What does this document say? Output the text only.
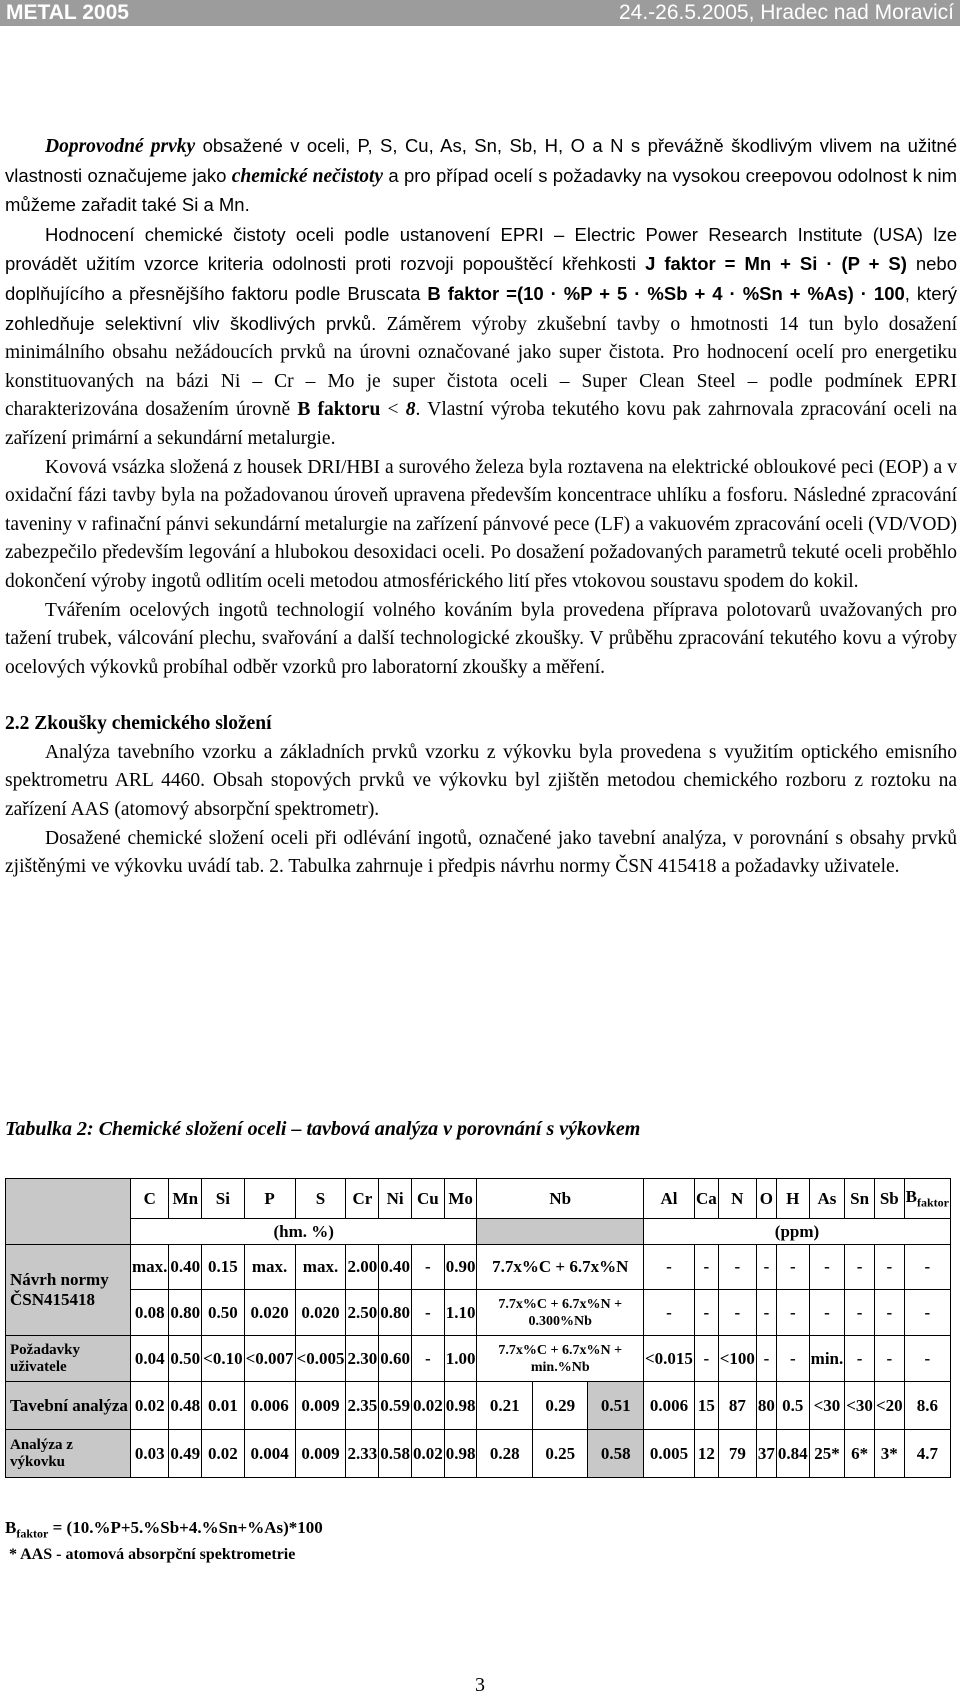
METAL 2005	24.-26.5.2005, Hradec nad Moravicí

Doprovodné prvky obsažené v oceli, P, S, Cu, As, Sn, Sb, H, O a N s převážně škodlivým vlivem na užitné vlastnosti označujeme jako chemické nečistoty a pro případ ocelí s požadavky na vysokou creepovou odolnost k nim můžeme zařadit také Si a Mn.

Hodnocení chemické čistoty oceli podle ustanovení EPRI – Electric Power Research Institute (USA) lze provádět užitím vzorce kriteria odolnosti proti rozvoji popouštěcí křehkosti J faktor = Mn + Si · (P + S) nebo doplňujícího a přesnějšího faktoru podle Bruscata B faktor =(10 · %P + 5 · %Sb + 4 · %Sn + %As) · 100, který zohledňuje selektivní vliv škodlivých prvků. Záměrem výroby zkušební tavby o hmotnosti 14 tun bylo dosažení minimálního obsahu nežádoucích prvků na úrovni označované jako super čistota. Pro hodnocení ocelí pro energetiku konstituovaných na bázi Ni – Cr – Mo je super čistota oceli – Super Clean Steel – podle podmínek EPRI charakterizována dosažením úrovně B faktoru < 8. Vlastní výroba tekutého kovu pak zahrnovala zpracování oceli na zařízení primární a sekundární metalurgie.

Kovová vsázka složená z housek DRI/HBI a surového železa byla roztavena na elektrické obloukové peci (EOP) a v oxidační fázi tavby byla na požadovanou úroveň upravena především koncentrace uhlíku a fosforu. Následné zpracování taveniny v rafinační pánvi sekundární metalurgie na zařízení pánvové pece (LF) a vakuovém zpracování oceli (VD/VOD) zabezpečilo především legování a hlubokou desoxidaci oceli. Po dosažení požadovaných parametrů tekuté oceli proběhlo dokončení výroby ingotů odlitím oceli metodou atmosférického lití přes vtokovou soustavu spodem do kokil.

Tvářením ocelových ingotů technologií volného kováním byla provedena příprava polotovarů uvažovaných pro tažení trubek, válcování plechu, svařování a další technologické zkoušky. V průběhu zpracování tekutého kovu a výroby ocelových výkovků probíhal odběr vzorků pro laboratorní zkoušky a měření.

2.2 Zkoušky chemického složení

Analýza tavebního vzorku a základních prvků vzorku z výkovku byla provedena s využitím optického emisního spektrometru ARL 4460. Obsah stopových prvků ve výkovku byl zjištěn metodou chemického rozboru z roztoku na zařízení AAS (atomový absorpční spektrometr).

Dosažené chemické složení oceli při odlévání ingotů, označené jako tavební analýza, v porovnání s obsahy prvků zjištěnými ve výkovku uvádí tab. 2. Tabulka zahrnuje i předpis návrhu normy ČSN 415418 a požadavky uživatele.

Tabulka 2: Chemické složení oceli – tavbová analýza v porovnání s výkovkem
	C	Mn	Si	P	S	Cr	Ni	Cu	Mo	Nb			Al	Ca	N	O	H	As	Sn	Sb	$B_{faktor}$
	(hm. %)												(ppm)								
Návrh normy
ČSN415418	max.	0.40	0.15	max.	max.	2.00	0.40	-	0.90	7.7x%C + 6.7x%N			-	-	-	-	-	-	-	-	-
	0.08	0.80	0.50	0.020	0.020	2.50	0.80	-	1.10	7.7x%C + 6.7x%N + 0.300%Nb			-	-	-	-	-	-	-	-	-
Požadavky uživatele	0.04	0.50	<0.10	<0.007	<0.005	2.30	0.60	-	1.00	7.7x%C + 6.7x%N + min.%Nb			<0.015	-	<100	-	-	min.	-	-	-
Tavební analýza	0.02	0.48	0.01	0.006	0.009	2.35	0.59	0.02	0.98	0.21	0.29	0.51	0.006	15	87	80	0.5	<30	<30	<20	8.6
Analýza z výkovku	0.03	0.49	0.02	0.004	0.009	2.33	0.58	0.02	0.98	0.28	0.25	0.58	0.005	12	79	37	0.84	25*	6*	3*	4.7
$B_{faktor} = (10.\%P+5.\%Sb+4.\%Sn+\%As)*100$
* AAS - atomová absorpční spektrometrie
3
